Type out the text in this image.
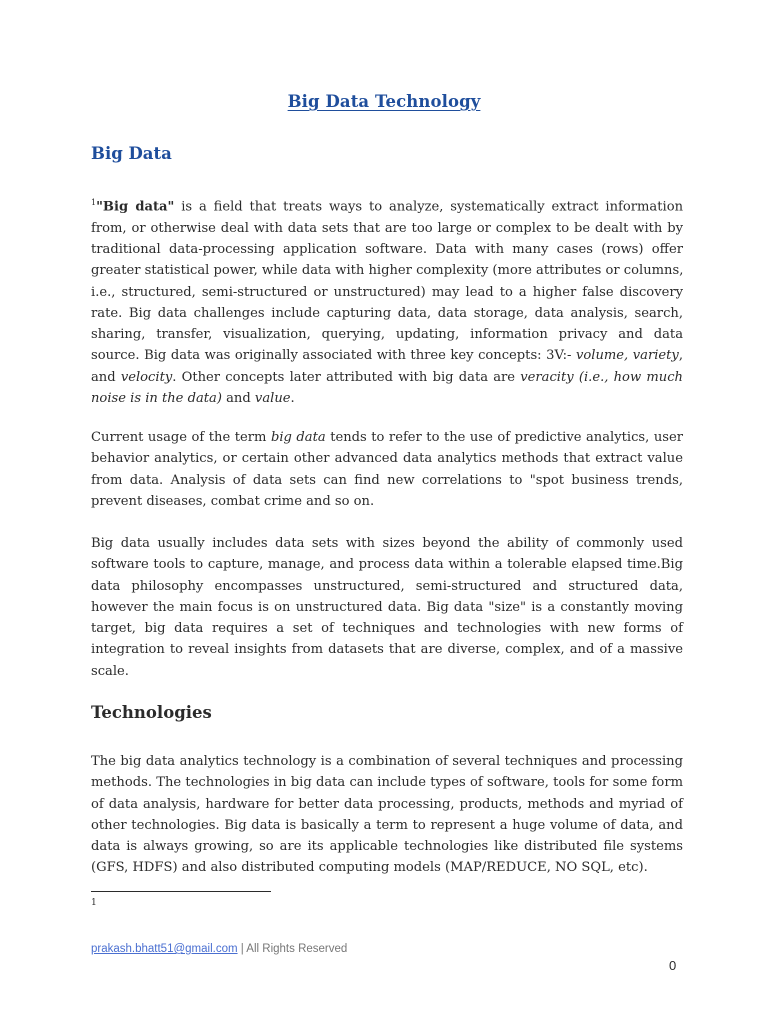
Big Data Technology
Big Data
$^1$"Big data" is a field that treats ways to analyze, systematically extract information
from, or otherwise deal with data sets that are too large or complex to be dealt with by
traditional data-processing application software. Data with many cases (rows) offer
greater statistical power, while data with higher complexity (more attributes or columns,
i.e., structured, semi-structured or unstructured) may lead to a higher false discovery
rate. Big data challenges include capturing data, data storage, data analysis, search,
sharing, transfer, visualization, querying, updating, information privacy and data
source. Big data was originally associated with three key concepts: 3V:- volume, variety,
and velocity. Other concepts later attributed with big data are veracity (i.e., how much
noise is in the data) and value.
Current usage of the term big data tends to refer to the use of predictive analytics, user
behavior analytics, or certain other advanced data analytics methods that extract value
from data. Analysis of data sets can find new correlations to "spot business trends,
prevent diseases, combat crime and so on.
Big data usually includes data sets with sizes beyond the ability of commonly used
software tools to capture, manage, and process data within a tolerable elapsed time.Big
data philosophy encompasses unstructured, semi-structured and structured data,
however the main focus is on unstructured data. Big data "size" is a constantly moving
target, big data requires a set of techniques and technologies with new forms of
integration to reveal insights from datasets that are diverse, complex, and of a massive
scale.
Technologies
The big data analytics technology is a combination of several techniques and processing
methods. The technologies in big data can include types of software, tools for some form
of data analysis, hardware for better data processing, products, methods and myriad of
other technologies. Big data is basically a term to represent a huge volume of data, and
data is always growing, so are its applicable technologies like distributed file systems
(GFS, HDFS) and also distributed computing models (MAP/REDUCE, NO SQL, etc).
1
prakash.bhatt51@gmail.com | All Rights Reserved
0
